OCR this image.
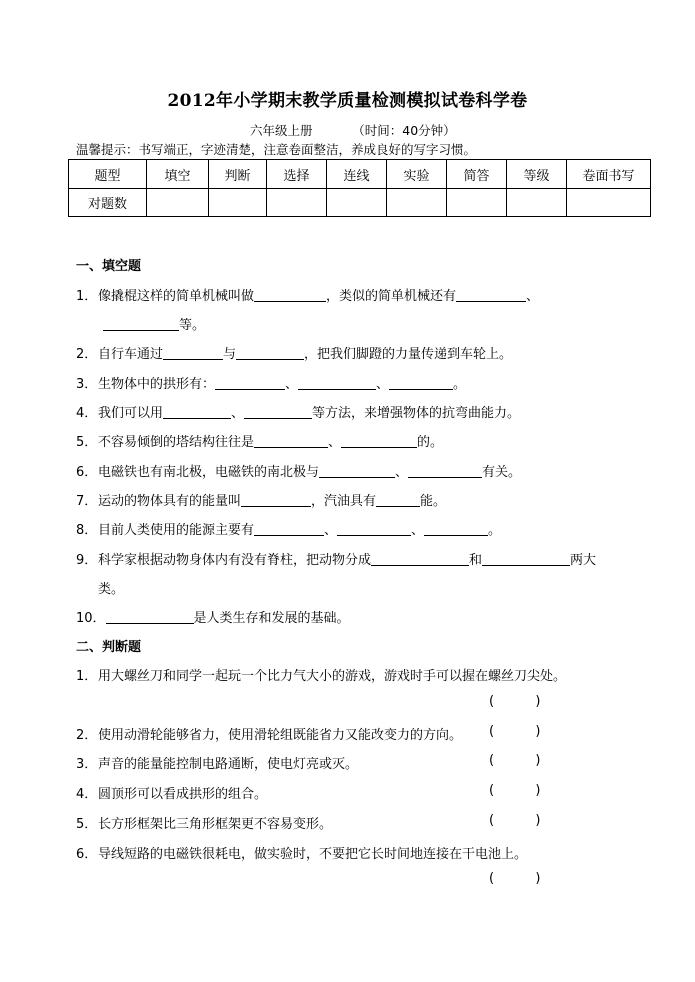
2012年小学期末教学质量检测模拟试卷科学卷
六年级上册	（时间：40分钟）
温馨提示：书写端正，字迹清楚，注意卷面整洁，养成良好的写字习惯。
题型	填空	判断	选择	连线	实验	简答	等级	卷面书写
对题数								
一、填空题
1．像撬棍这样的简单机械叫做	，类似的简单机械还有	、
等。
2．自行车通过	与	，把我们脚蹬的力量传递到车轮上。
3．生物体中的拱形有：	、	、	。
4．我们可以用	、	等方法，来增强物体的抗弯曲能力。
5．不容易倾倒的塔结构往往是	、	的。
6．电磁铁也有南北极，电磁铁的南北极与	、	有关。
7．运动的物体具有的能量叫	，汽油具有	能。
8．目前人类使用的能源主要有	、	、	。
9．科学家根据动物身体内有没有脊柱，把动物分成	和	两大
类。
10．	是人类生存和发展的基础。
二、判断题
1．用大螺丝刀和同学一起玩一个比力气大小的游戏，游戏时手可以握在螺丝刀尖处。
(          )
2．使用动滑轮能够省力，使用滑轮组既能省力又能改变力的方向。 (          )
3．声音的能量能控制电路通断，使电灯亮或灭。	(          )
4．圆顶形可以看成拱形的组合。	(          )
5．长方形框架比三角形框架更不容易变形。	(          )
6．导线短路的电磁铁很耗电，做实验时，不要把它长时间地连接在干电池上。
(          )
